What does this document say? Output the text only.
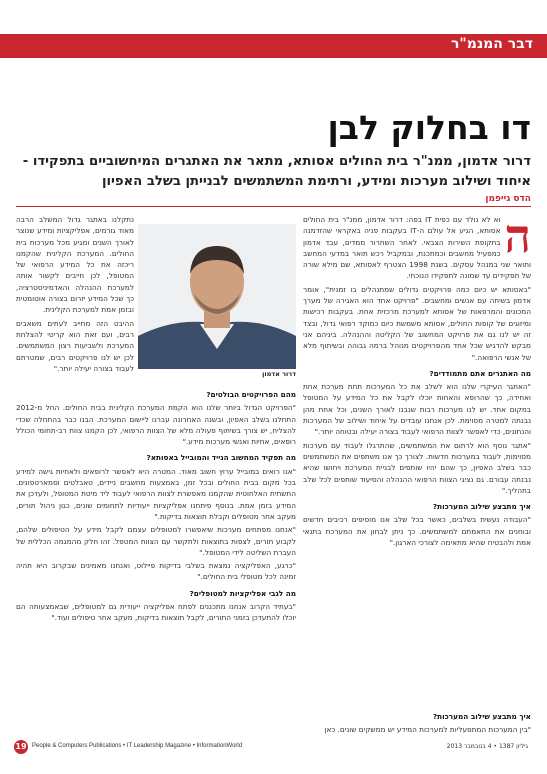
דבר המנמ"ר
דו בחלוק לבן
דרור אדמון, ממנ"ר בית החולים אסותא, מתאר את האתגרים המיחשוביים בתפקידו - איחוד ושילוב מערכות ומידע, ורתימת המשתמשים לבנייתן בשלב האפיון
הדס גייפמן

ה
וא לא נולד עם כפית IT בפה: דרור אדמון, ממנ"ר בית החולים אסותא, הגיע אל עולם ה-IT בעקבות פניה באקראי שהזדמנה בתקופת השירות הצבאי. לאחר השחרור ממדים, עבד אדמון כמפעיל מחשבים וכמתכנת, ובמקביל רכש תואר במדעי המחשב ותואר שני במנהל עסקים. בשנת 1998 הצטרף לאסותא, שם מילא שורה של תפקידים עד שמונה לתפקידו הנוכחי.

"באסותא יש כיום כמה פרויקטים גדולים שמתנהלים בו זמנית", אומר אדמון בשיחה עם אנשים ומחשבים. "פרויקט אחד הוא האגירה של מערך המכונים והמרפאות של אסותא למערכת מרכזית אחת. בעקבות רכישות ומיזוגים של קופות החולים, אסותא משמשת כיום כמוקד רפואי גדול, ובצד זה יש לנו גם את פרויקט המחשוב של הקליטה וההנהלה. ביניהם אני מבקש להדגיש שכל אחד מהפרויקטים מנוהל ברמה גבוהה ובשיתוף מלא של אנשי הרפואה."

מה האתגרים אתם מתמודדים?

"האתגר העיקרי שלנו הוא לשלב את כל המערכות תחת מערכת אחת ואחידה, כך שהרופא והאחות יוכלו לקבל את כל המידע על המטופל במקום אחד. יש לנו מערכות רבות שנבנו לאורך השנים, וכל אחת מהן נבנתה למטרה מסוימת. לכן אנחנו עובדים על איחוד ושילוב של המערכות והנתונים, כדי לאפשר לצוות הרפואי לעבוד בצורה יעילה ובטוחה יותר."

"אתגר נוסף הוא לרתום את המשתמשים, שהתרגלו לעבוד עם מערכות מסוימות, לעבוד במערכות חדשות. לצורך כך אנו משתפים את המשתמשים כבר בשלב האפיון, כך שהם יהיו שותפים לבניית המערכת ויחושו שהיא נבנתה עבורם. גם נציגי הצוות הרפואי ההנהלה והסיעוד שותפים לכל שלב בתהליך."

איך מתבצע שילוב המערכות?

"העבודה נעשית בשלבים, כאשר בכל שלב אנו מוסיפים רכיבים חדשים ובוחנים את התאמתם למשתמשים. כך ניתן לבחון את המערכת בתנאי אמת ולהבטיח שהיא מתאימה לצורכי הארגון."

נתקלנו באתגר גדול המשלב הרבה מאוד גורמים, אפליקציות ומידע שנוצר לאורך השנים ומגיע מכל מערכות בית החולים. המערכת הקלינית שהקמנו ריכזה את כל המידע הרפואי של המטופל, לכן חייבים לקשור אותה למערכת ההנהלה והאדמיניסטרציה, כך שכל המידע יזרום בצורה אוטומטית ובזמן אמת למערכת הקלינית.

ההיבט הזה מחייב לעתים משאבים רבים, ועם זאת הוא קריטי להצלחת המערכת ולשביעות רצון המשתמשים. לכן יש לנו פרויקטים רבים, שמטרתם לעבוד בצורה יעילה יותר."

דרור אדמון

מהם הפרויקטים הבולטים?

"הפרויקט הגדול ביותר שלנו הוא הקמת המערכת הקלינית בבית החולים. החל מ-2012 התחלנו בשלב האפיון, ובשנה האחרונה עברנו ליישום המערכת. הבנו כבר בהתחלה שכדי להצליח, יש צורך בשיתוף פעולה מלא של הצוות הרפואי, לכן הקמנו צוות רב-תחומי הכולל רופאים, אחיות ואנשי מערכות מידע."

מה תפקיד המחשוב הנייד והמובייל באסותא?

"אנו רואים במובייל ערוץ חשוב מאוד. המטרה היא לאפשר לרופאים ולאחיות גישה למידע בכל מקום בבית החולים ובכל זמן, באמצעות מחשבים ניידים, טאבלטים וסמארטפונים. התשתית האלחוטית שהקמנו מאפשרת לצוות הרפואי לעבוד ליד מיטת המטופל, ולעדכן את המידע בזמן אמת. בנוסף פיתחנו אפליקציות ייעודיות לתחומים שונים, כגון ניהול תורים, מעקב אחר מטופלים וקבלת תוצאות בדיקות."

"אנחנו מפתחים מערכות שיאפשרו למטופלים עצמם לקבל מידע על הטיפולים שלהם, לקבוע תורים, לצפות בתוצאות ולתקשר עם הצוות המטפל. זהו חלק מהמגמה הכללית של העברת השליטה לידי המטופל."

"כרגע, האפליקציה נמצאת בשלבי בדיקות פיילוט, ואנחנו מאמינים שבקרוב היא תהיה זמינה לכל מטופלי בית החולים."

מה לגבי אפליקציות למטופלים?

"בעתיד הקרוב אנחנו מתכננים לפתח אפליקציה ייעודית גם למטופלים, שבאמצעותה הם יוכלו להתעדכן בזמני התורים, לקבל תוצאות בדיקות, מעקב אחר טיפולים ועוד."

איך מתבצע שילוב המערכות?

"בין המערכות המתפעליות למערכות המידע יש ממשקים שונים. כאן

19 People & Computers Publications • IT Leadership Magazine • InformationWorld	גיליון 1387 • 4 בנובמבר 2013
